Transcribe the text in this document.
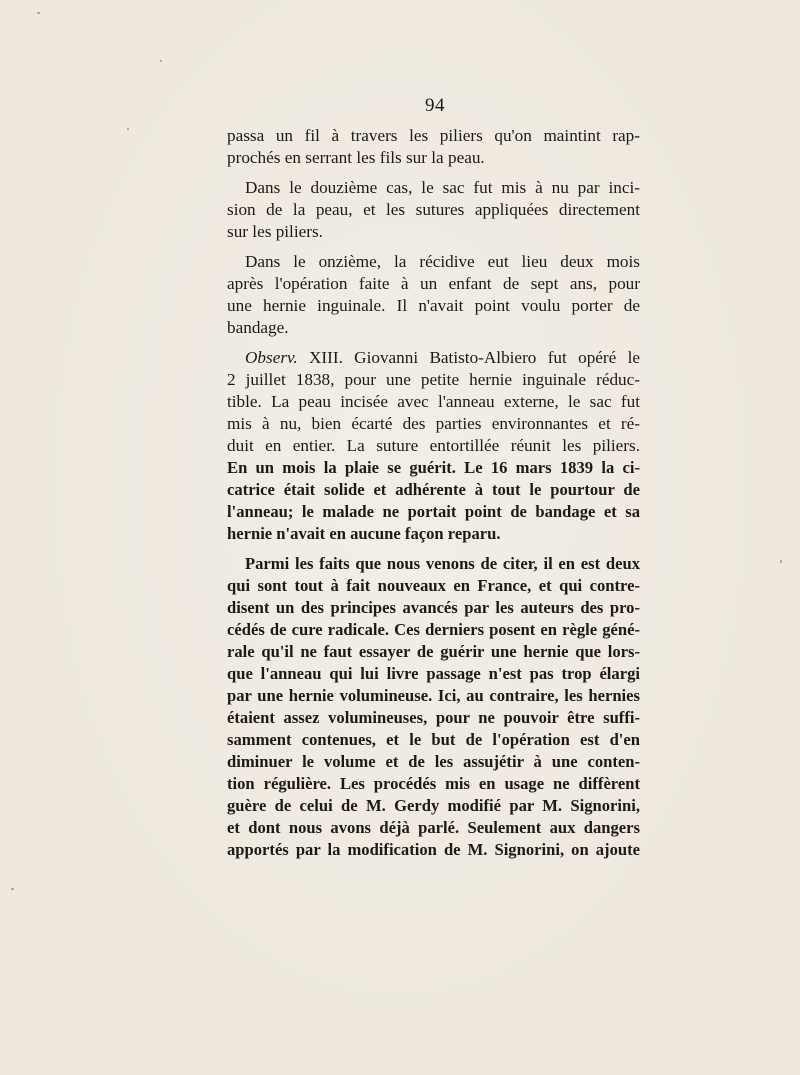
94
passa un fil à travers les piliers qu'on maintint rap-
prochés en serrant les fils sur la peau.
Dans le douzième cas, le sac fut mis à nu par inci-
sion de la peau, et les sutures appliquées directement
sur les piliers.
Dans le onzième, la récidive eut lieu deux mois
après l'opération faite à un enfant de sept ans, pour
une hernie inguinale. Il n'avait point voulu porter de
bandage.
Observ. XIII. Giovanni Batisto-Albiero fut opéré le
2 juillet 1838, pour une petite hernie inguinale réduc-
tible. La peau incisée avec l'anneau externe, le sac fut
mis à nu, bien écarté des parties environnantes et ré-
duit en entier. La suture entortillée réunit les piliers.
En un mois la plaie se guérit. Le 16 mars 1839 la ci-
catrice était solide et adhérente à tout le pourtour de
l'anneau; le malade ne portait point de bandage et sa
hernie n'avait en aucune façon reparu.
Parmi les faits que nous venons de citer, il en est deux
qui sont tout à fait nouveaux en France, et qui contre-
disent un des principes avancés par les auteurs des pro-
cédés de cure radicale. Ces derniers posent en règle géné-
rale qu'il ne faut essayer de guérir une hernie que lors-
que l'anneau qui lui livre passage n'est pas trop élargi
par une hernie volumineuse. Ici, au contraire, les hernies
étaient assez volumineuses, pour ne pouvoir être suffi-
samment contenues, et le but de l'opération est d'en
diminuer le volume et de les assujétir à une conten-
tion régulière. Les procédés mis en usage ne diffèrent
guère de celui de M. Gerdy modifié par M. Signorini,
et dont nous avons déjà parlé. Seulement aux dangers
apportés par la modification de M. Signorini, on ajoute
